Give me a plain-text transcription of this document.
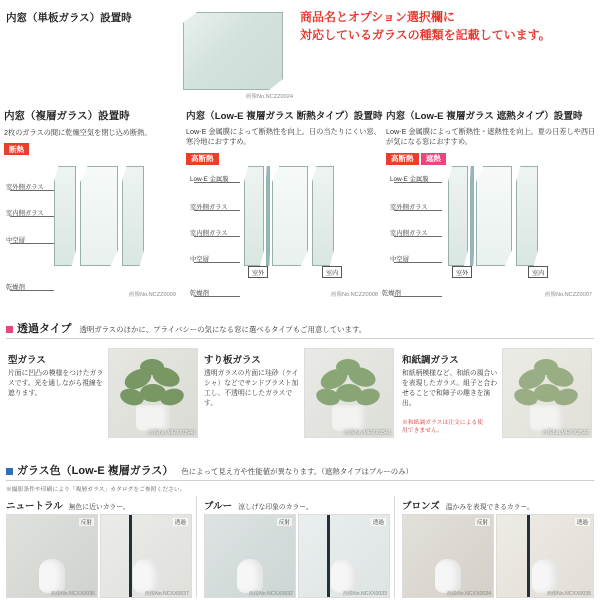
内窓（単板ガラス）設置時	商品名とオプション選択欄に
対応しているガラスの種類を記載しています。
画像No.NCZZ0024
内窓（複層ガラス）設置時
2枚のガラスの間に乾燥空気を閉じ込め断熱。
断熱
室外側ガラス
室内側ガラス
中空層
乾燥剤
画像No.NCZZ0009
内窓（Low-E 複層ガラス 断熱タイプ）設置時
Low-E 金属膜によって断熱性を向上。日の当たりにくい窓、寒冷地におすすめ。
高断熱
Low-E 金属膜
室外側ガラス
室内側ガラス
中空層
乾燥剤
室外	室内
画像No.NCZZ0008
内窓（Low-E 複層ガラス 遮熱タイプ）設置時
Low-E 金属膜によって断熱性・遮熱性を向上。夏の日差しや西日が気になる窓におすすめ。
高断熱 遮熱
Low-E 金属膜
室外側ガラス
室内側ガラス
中空層
乾燥剤
室外	室内
画像No.NCZZ0007
透過タイプ 透明ガラスのほかに、プライバシーの気になる窓に選べるタイプもご用意しています。
型ガラス
片面に凹凸の模様をつけたガラスです。光を通しながら視線を遮ります。
画像No.MHXX0540
すり板ガラス
透明ガラスの片面に珪砂（ケイシャ）などでサンドブラスト加工し、不透明にしたガラスです。
画像No.MHXX0541
和紙調ガラス
和紙柄模様など、和紙の風合いを表現したガラス。組子と合わせることで和障子の趣きを演出。
※和紙調ガラスは注文による使用できません。	画像No.MHXX0542
ガラス色（Low-E 複層ガラス） 色によって見え方や性能値が異なります。（遮熱タイプはブルーのみ）
※撮影条件や印刷により「複層ガラス」カタログをご参照ください。
ニュートラル 無色に近いカラー。
反射
画像No.NCXX0036
透過
画像No.NCXX0037
ブルー 涼しげな印象のカラー。
反射
画像No.NCXX0032
透過
画像No.NCXX0033
ブロンズ 温かみを表現できるカラー。
反射
画像No.NCXX0034
透過
画像No.NCXX0035
